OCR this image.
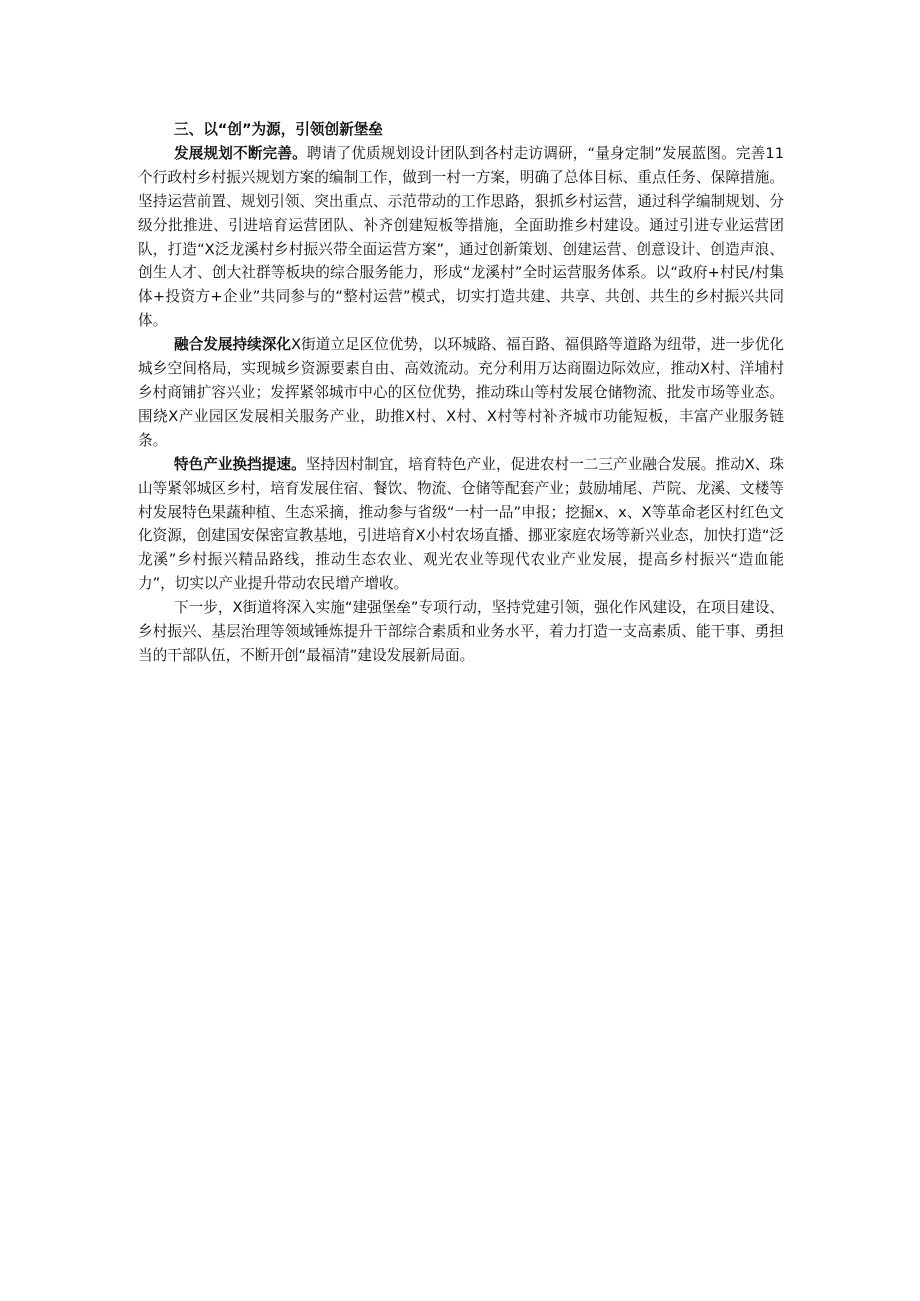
三、以“创”为源，引领创新堡垒

发展规划不断完善。聘请了优质规划设计团队到各村走访调研，“量身定制”发展蓝图。完善11个行政村乡村振兴规划方案的编制工作，做到一村一方案，明确了总体目标、重点任务、保障措施。坚持运营前置、规划引领、突出重点、示范带动的工作思路，狠抓乡村运营，通过科学编制规划、分级分批推进、引进培育运营团队、补齐创建短板等措施，全面助推乡村建设。通过引进专业运营团队，打造“X泛龙溪村乡村振兴带全面运营方案”，通过创新策划、创建运营、创意设计、创造声浪、创生人才、创大社群等板块的综合服务能力，形成“龙溪村”全时运营服务体系。以“政府+村民/村集体+投资方+企业”共同参与的“整村运营”模式，切实打造共建、共享、共创、共生的乡村振兴共同体。

融合发展持续深化X街道立足区位优势，以环城路、福百路、福俱路等道路为纽带，进一步优化城乡空间格局，实现城乡资源要素自由、高效流动。充分利用万达商圈边际效应，推动X村、洋埔村乡村商铺扩容兴业；发挥紧邻城市中心的区位优势，推动珠山等村发展仓储物流、批发市场等业态。围绕X产业园区发展相关服务产业，助推X村、X村、X村等村补齐城市功能短板，丰富产业服务链条。

特色产业换挡提速。坚持因村制宜，培育特色产业，促进农村一二三产业融合发展。推动X、珠山等紧邻城区乡村，培育发展住宿、餐饮、物流、仓储等配套产业；鼓励埔尾、芦院、龙溪、文楼等村发展特色果蔬种植、生态采摘，推动参与省级“一村一品”申报；挖掘x、x、X等革命老区村红色文化资源，创建国安保密宣教基地，引进培育X小村农场直播、挪亚家庭农场等新兴业态，加快打造“泛龙溪”乡村振兴精品路线，推动生态农业、观光农业等现代农业产业发展，提高乡村振兴“造血能力”，切实以产业提升带动农民增产增收。

下一步，X街道将深入实施“建强堡垒”专项行动，坚持党建引领，强化作风建设，在项目建设、乡村振兴、基层治理等领域锤炼提升干部综合素质和业务水平，着力打造一支高素质、能干事、勇担当的干部队伍，不断开创“最福清”建设发展新局面。
